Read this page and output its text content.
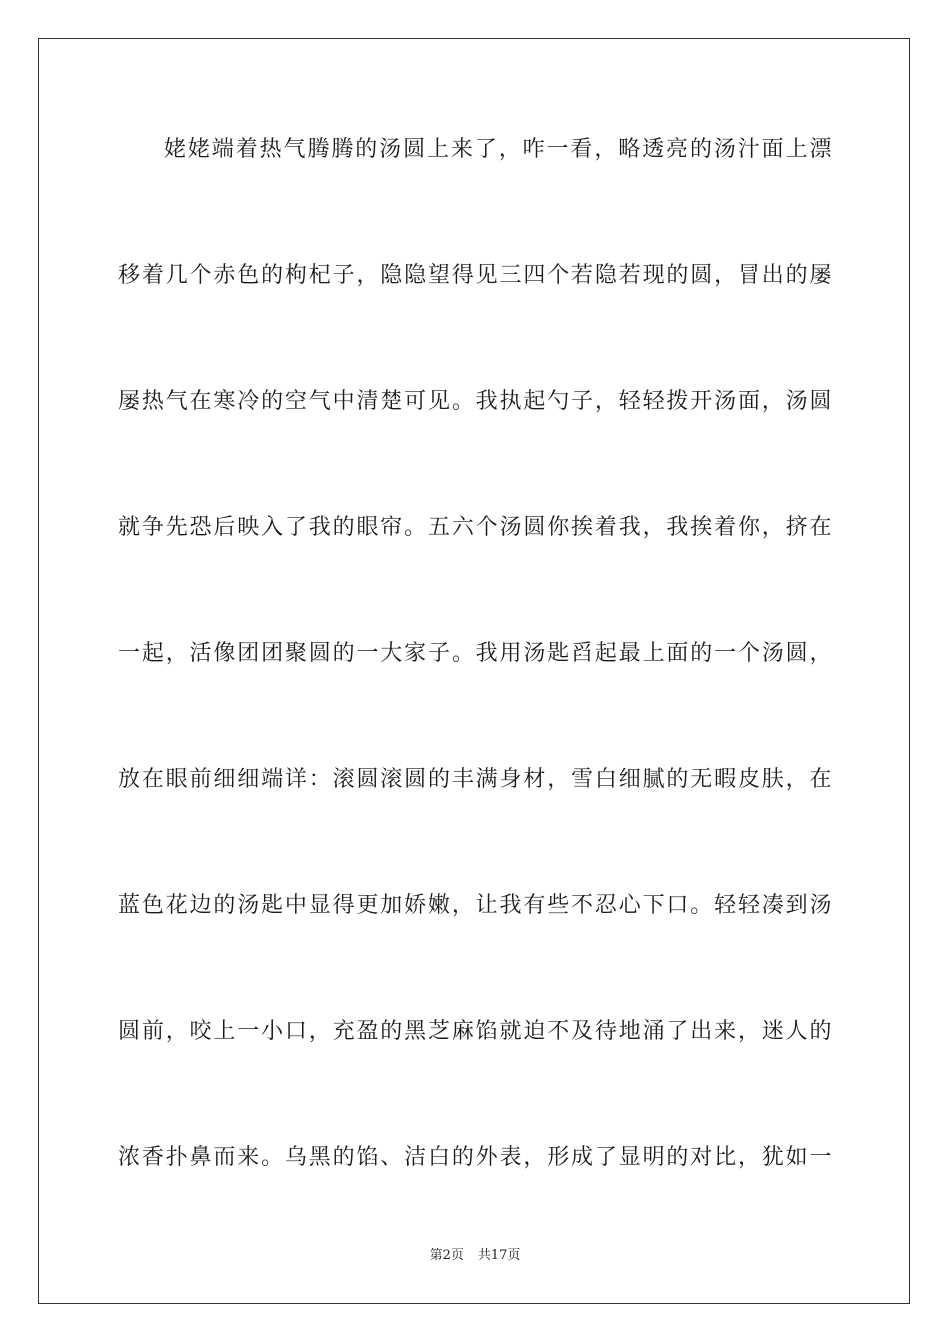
姥姥端着热气腾腾的汤圆上来了，咋一看，略透亮的汤汁面上漂
移着几个赤色的枸杞子，隐隐望得见三四个若隐若现的圆，冒出的屡
屡热气在寒冷的空气中清楚可见。我执起勺子，轻轻拨开汤面，汤圆
就争先恐后映入了我的眼帘。五六个汤圆你挨着我，我挨着你，挤在
一起，活像团团聚圆的一大家子。我用汤匙舀起最上面的一个汤圆，
放在眼前细细端详：滚圆滚圆的丰满身材，雪白细腻的无暇皮肤，在
蓝色花边的汤匙中显得更加娇嫩，让我有些不忍心下口。轻轻凑到汤
圆前，咬上一小口，充盈的黑芝麻馅就迫不及待地涌了出来，迷人的
浓香扑鼻而来。乌黑的馅、洁白的外表，形成了显明的对比，犹如一
第2页 共17页
